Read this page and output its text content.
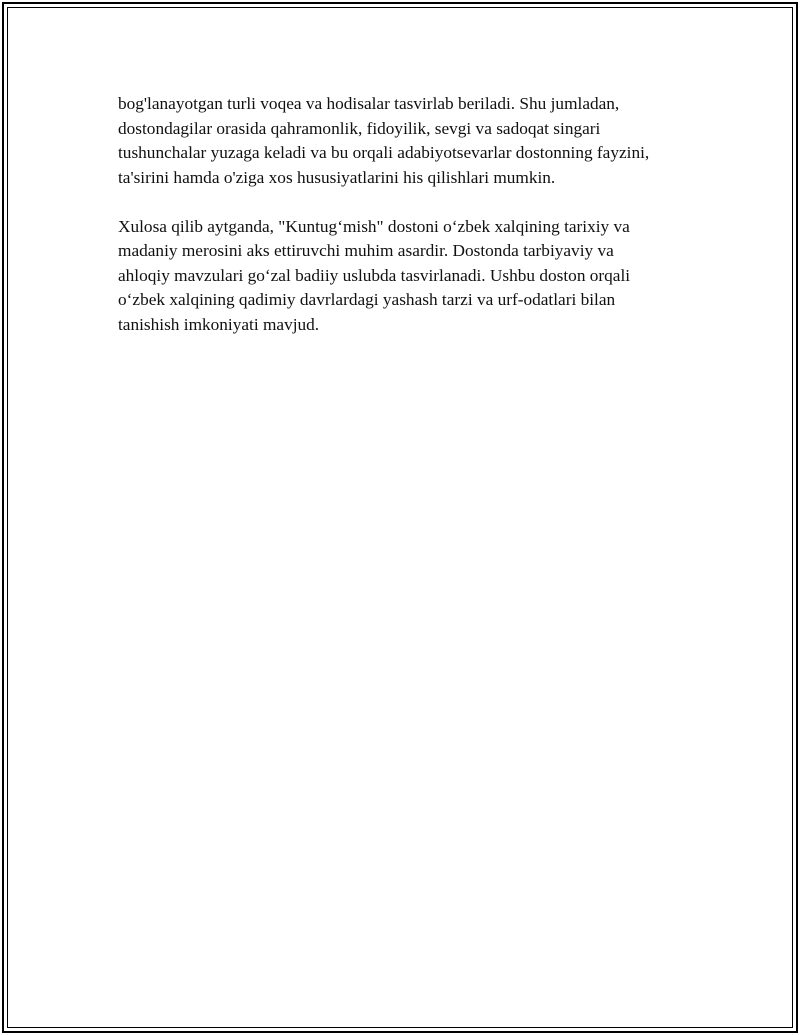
bog'lanayotgan turli voqea va hodisalar tasvirlab beriladi. Shu jumladan,
dostondagilar orasida qahramonlik, fidoyilik, sevgi va sadoqat singari
tushunchalar yuzaga keladi va bu orqali adabiyotsevarlar dostonning fayzini,
ta'sirini hamda o'ziga xos hususiyatlarini his qilishlari mumkin.

Xulosa qilib aytganda, "Kuntug‘mish" dostoni o‘zbek xalqining tarixiy va
madaniy merosini aks ettiruvchi muhim asardir. Dostonda tarbiyaviy va
ahloqiy mavzulari go‘zal badiiy uslubda tasvirlanadi. Ushbu doston orqali
o‘zbek xalqining qadimiy davrlardagi yashash tarzi va urf-odatlari bilan
tanishish imkoniyati mavjud.
